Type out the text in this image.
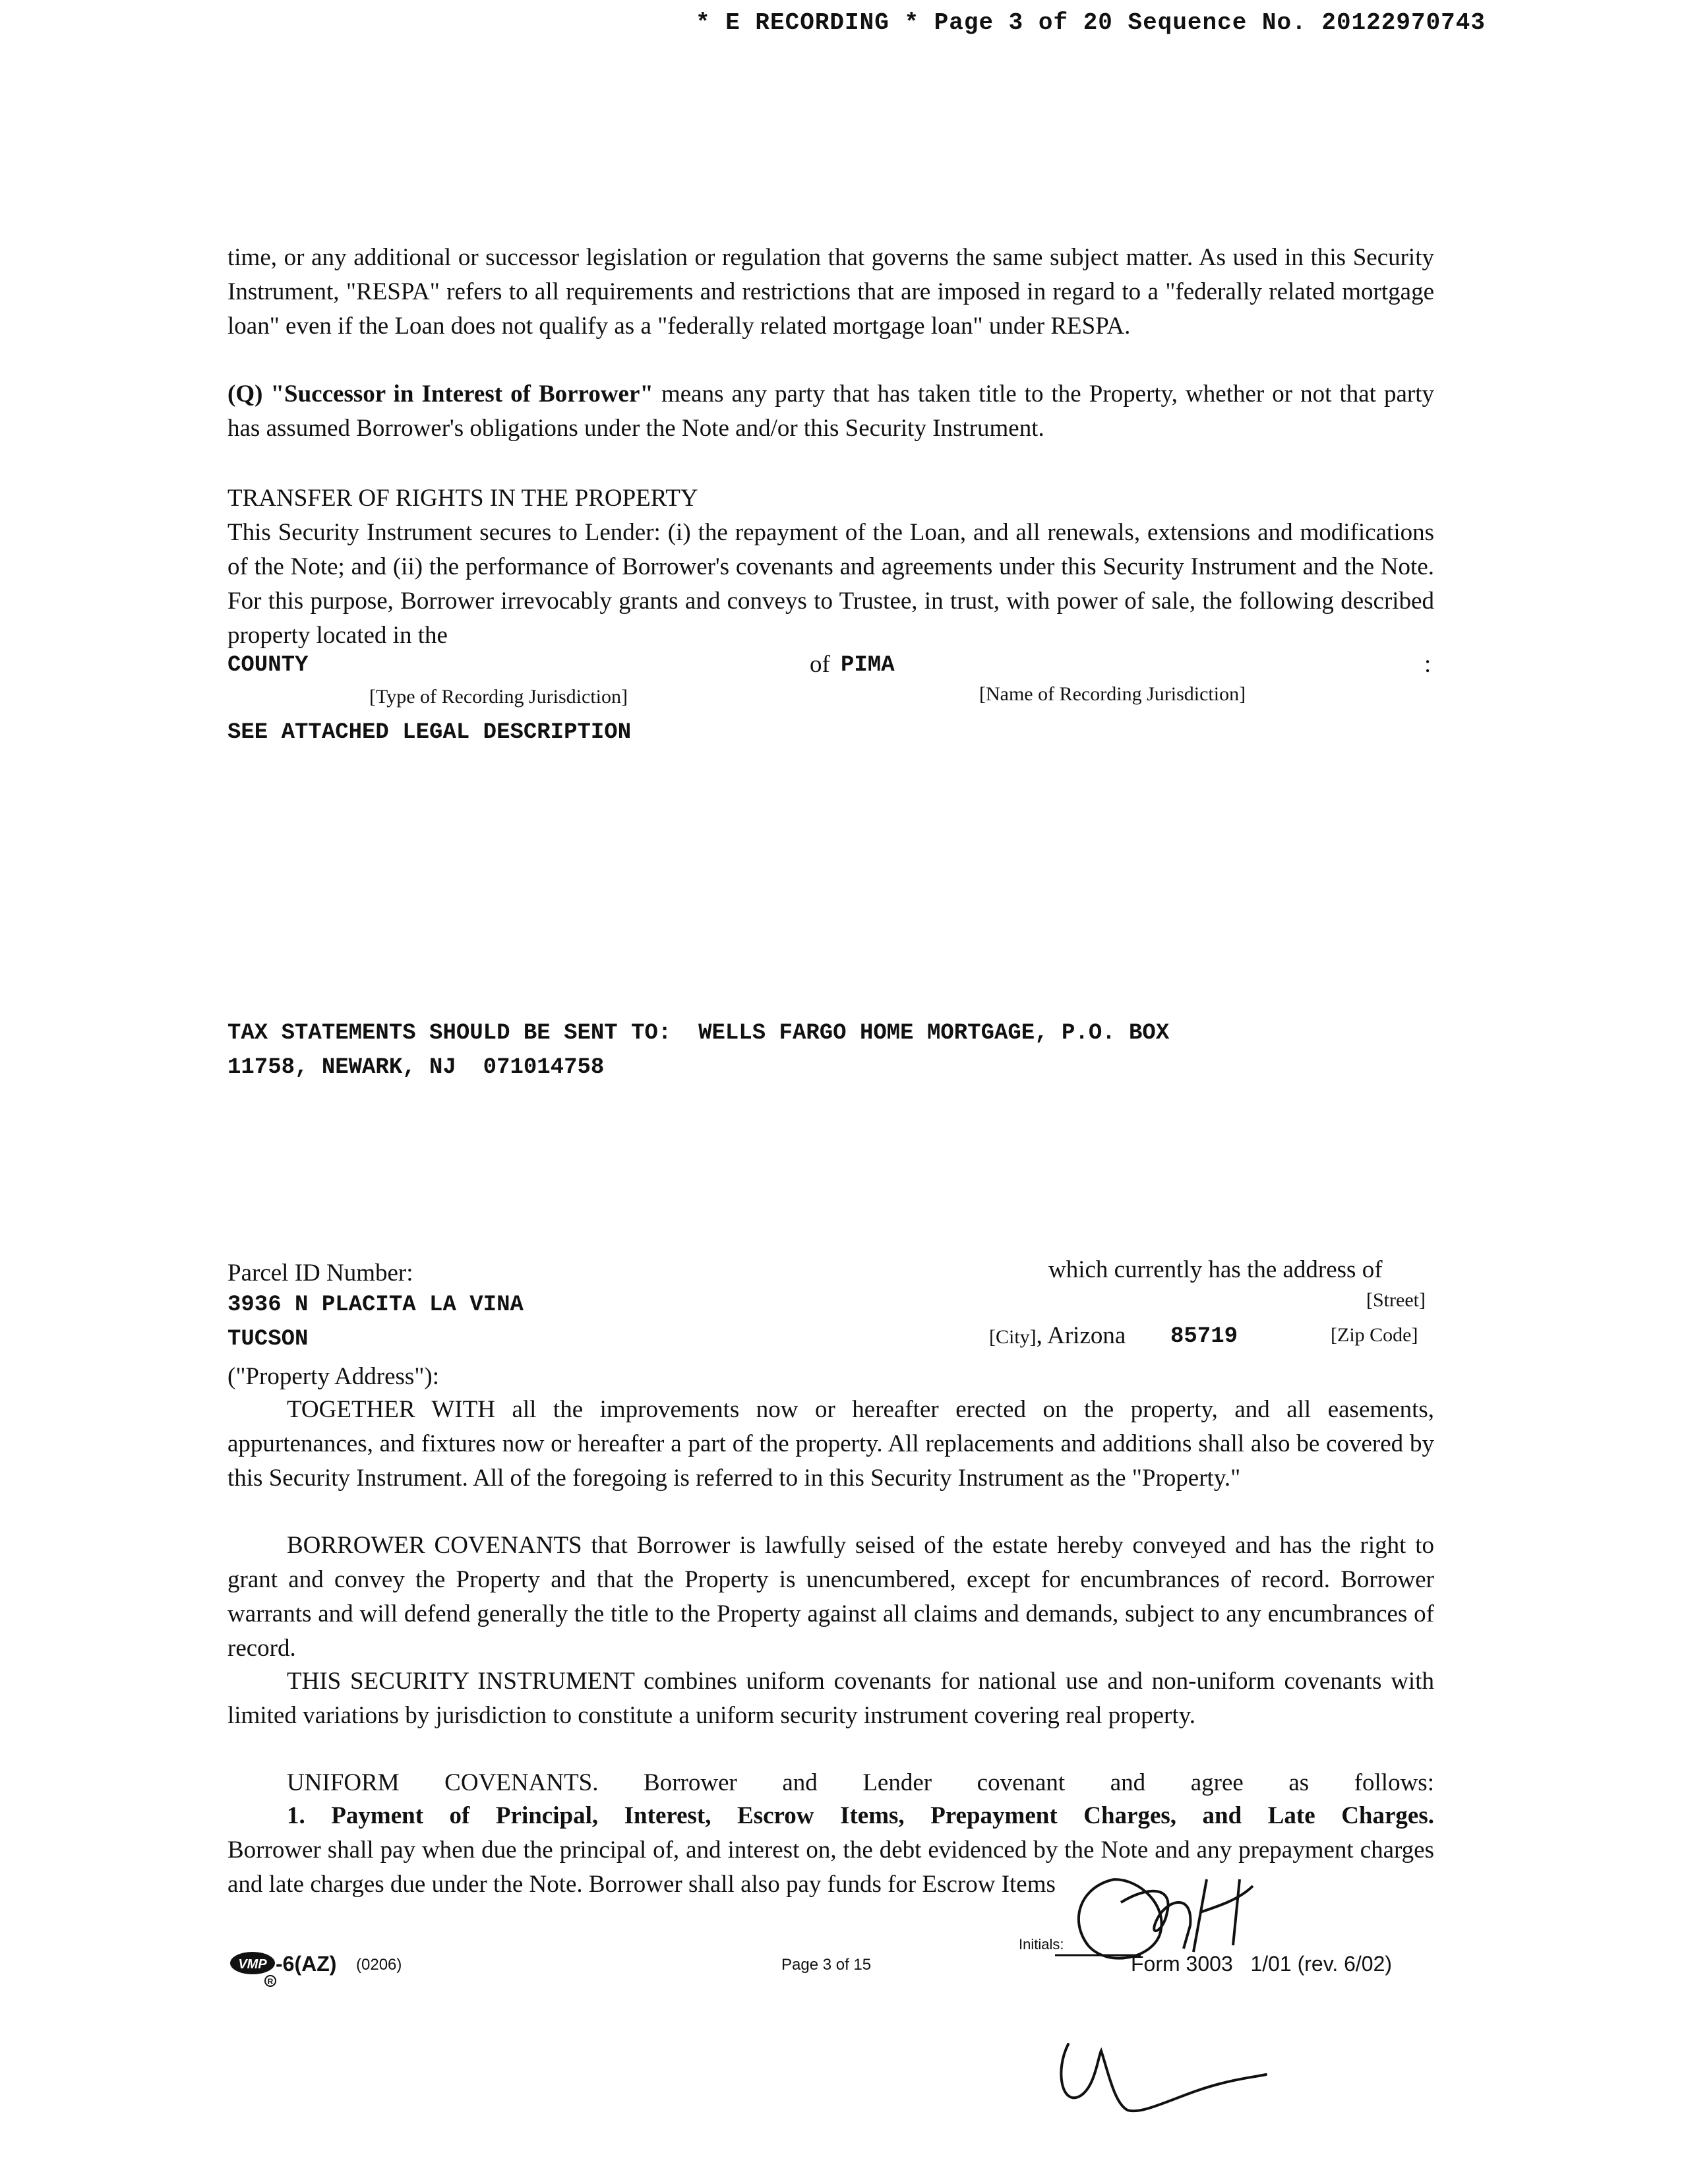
* E RECORDING * Page 3 of 20 Sequence No. 20122970743
time, or any additional or successor legislation or regulation that governs the same subject matter. As used in this Security Instrument, "RESPA" refers to all requirements and restrictions that are imposed in regard to a "federally related mortgage loan" even if the Loan does not qualify as a "federally related mortgage loan" under RESPA.
(Q) "Successor in Interest of Borrower" means any party that has taken title to the Property, whether or not that party has assumed Borrower's obligations under the Note and/or this Security Instrument.
TRANSFER OF RIGHTS IN THE PROPERTY
This Security Instrument secures to Lender: (i) the repayment of the Loan, and all renewals, extensions and modifications of the Note; and (ii) the performance of Borrower's covenants and agreements under this Security Instrument and the Note. For this purpose, Borrower irrevocably grants and conveys to Trustee, in trust, with power of sale, the following described property located in the
COUNTY	of PIMA	:
[Type of Recording Jurisdiction]	[Name of Recording Jurisdiction]
SEE ATTACHED LEGAL DESCRIPTION
TAX STATEMENTS SHOULD BE SENT TO:  WELLS FARGO HOME MORTGAGE, P.O. BOX
11758, NEWARK, NJ  071014758
Parcel ID Number:	which currently has the address of
3936 N PLACITA LA VINA	[Street]
TUCSON	[City], Arizona 85719	[Zip Code]
("Property Address"):
TOGETHER WITH all the improvements now or hereafter erected on the property, and all easements, appurtenances, and fixtures now or hereafter a part of the property. All replacements and additions shall also be covered by this Security Instrument. All of the foregoing is referred to in this Security Instrument as the "Property."
BORROWER COVENANTS that Borrower is lawfully seised of the estate hereby conveyed and has the right to grant and convey the Property and that the Property is unencumbered, except for encumbrances of record. Borrower warrants and will defend generally the title to the Property against all claims and demands, subject to any encumbrances of record.
THIS SECURITY INSTRUMENT combines uniform covenants for national use and non-uniform covenants with limited variations by jurisdiction to constitute a uniform security instrument covering real property.
UNIFORM COVENANTS. Borrower and Lender covenant and agree as follows:
1. Payment of Principal, Interest, Escrow Items, Prepayment Charges, and Late Charges.
Borrower shall pay when due the principal of, and interest on, the debt evidenced by the Note and any prepayment charges and late charges due under the Note. Borrower shall also pay funds for Escrow Items
VMP
R
-6(AZ) (0206)	Page 3 of 15
Initials:
Form 3003   1/01 (rev. 6/02)
